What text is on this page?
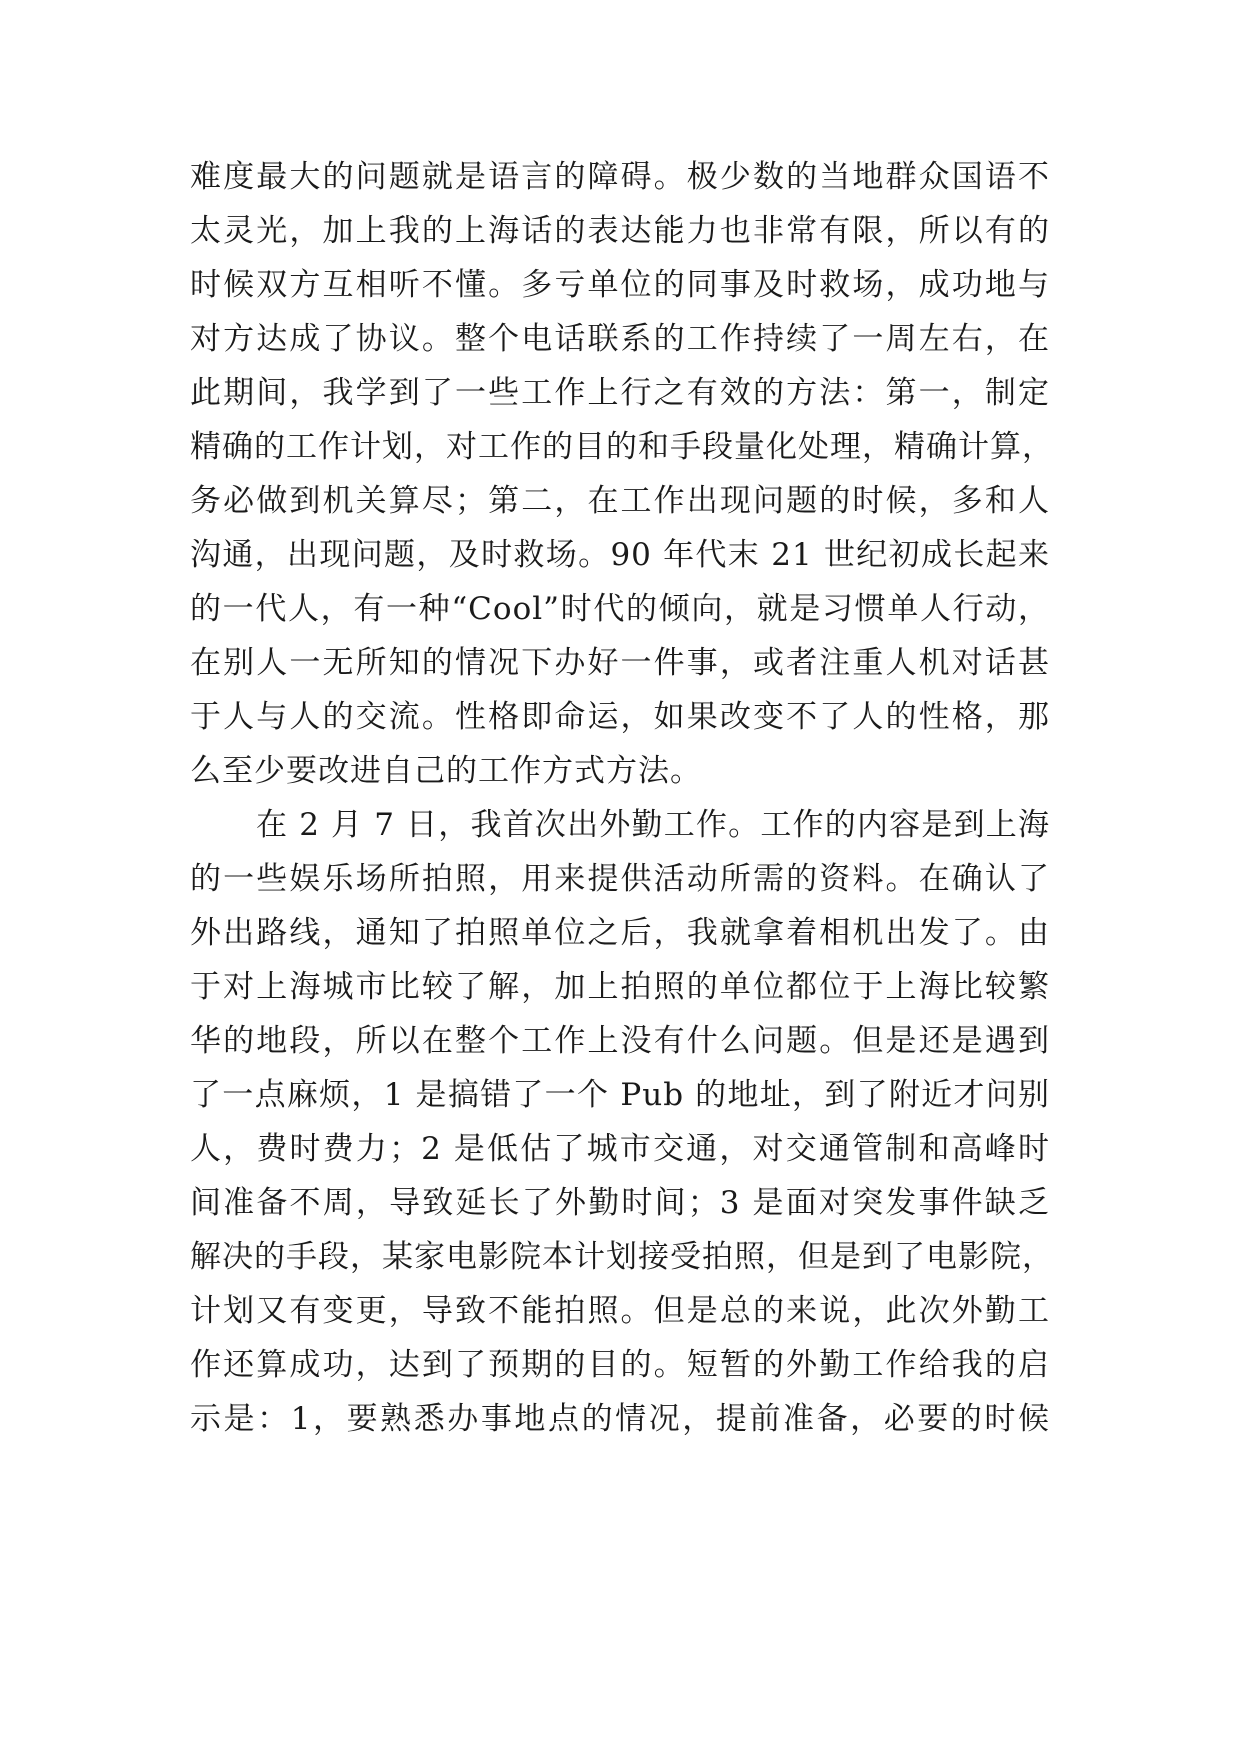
难度最大的问题就是语言的障碍。极少数的当地群众国语不
太灵光，加上我的上海话的表达能力也非常有限，所以有的
时候双方互相听不懂。多亏单位的同事及时救场，成功地与
对方达成了协议。整个电话联系的工作持续了一周左右，在
此期间，我学到了一些工作上行之有效的方法：第一，制定
精确的工作计划，对工作的目的和手段量化处理，精确计算，
务必做到机关算尽；第二，在工作出现问题的时候，多和人
沟通，出现问题，及时救场。90 年代末 21 世纪初成长起来
的一代人，有一种“Cool”时代的倾向，就是习惯单人行动，
在别人一无所知的情况下办好一件事，或者注重人机对话甚
于人与人的交流。性格即命运，如果改变不了人的性格，那
么至少要改进自己的工作方式方法。
在 2 月 7 日，我首次出外勤工作。工作的内容是到上海
的一些娱乐场所拍照，用来提供活动所需的资料。在确认了
外出路线，通知了拍照单位之后，我就拿着相机出发了。由
于对上海城市比较了解，加上拍照的单位都位于上海比较繁
华的地段，所以在整个工作上没有什么问题。但是还是遇到
了一点麻烦，1 是搞错了一个 Pub 的地址，到了附近才问别
人，费时费力；2 是低估了城市交通，对交通管制和高峰时
间准备不周，导致延长了外勤时间；3 是面对突发事件缺乏
解决的手段，某家电影院本计划接受拍照，但是到了电影院，
计划又有变更，导致不能拍照。但是总的来说，此次外勤工
作还算成功，达到了预期的目的。短暂的外勤工作给我的启
示是：1，要熟悉办事地点的情况，提前准备，必要的时候
